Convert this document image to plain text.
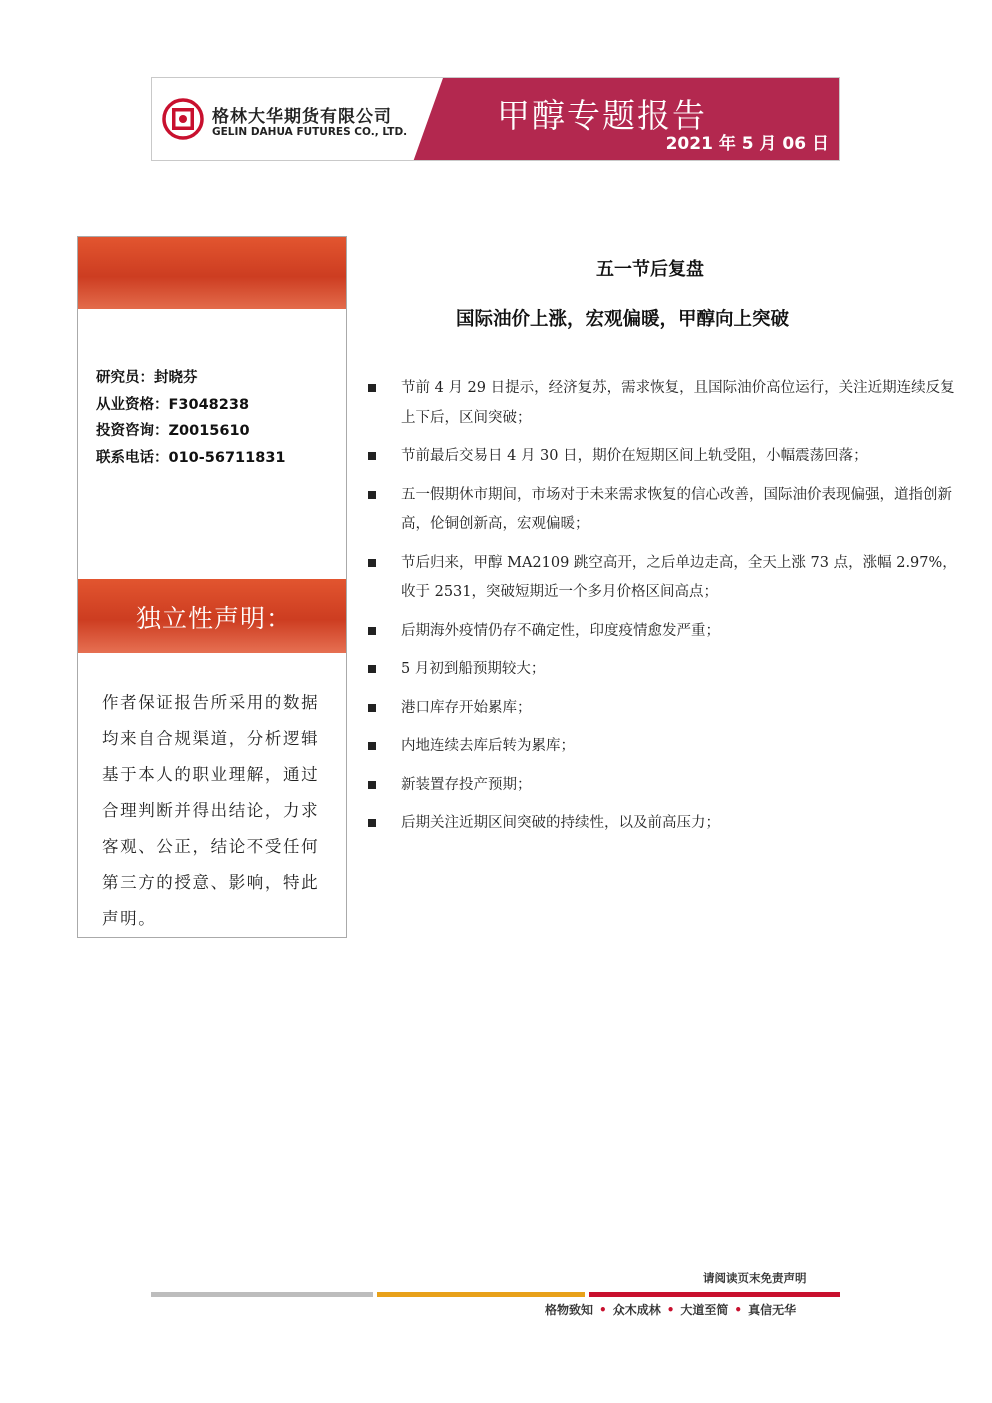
格林大华期货有限公司
GELIN DAHUA FUTURES CO., LTD.	甲醇专题报告
2021 年 5 月 06 日
研究员：封晓芬
从业资格：F3048238
投资咨询：Z0015610
联系电话：010-56711831
独立性声明：
作者保证报告所采用的数据均来自合规渠道，分析逻辑基于本人的职业理解，通过合理判断并得出结论，力求客观、公正，结论不受任何第三方的授意、影响，特此声明。
五一节后复盘
国际油价上涨，宏观偏暖，甲醇向上突破
节前 4 月 29 日提示，经济复苏，需求恢复，且国际油价高位运行，关注近期连续反复上下后，区间突破；
节前最后交易日 4 月 30 日，期价在短期区间上轨受阻，小幅震荡回落；
五一假期休市期间，市场对于未来需求恢复的信心改善，国际油价表现偏强，道指创新高，伦铜创新高，宏观偏暖；
节后归来，甲醇 MA2109 跳空高开，之后单边走高，全天上涨 73 点，涨幅 2.97%，收于 2531，突破短期近一个多月价格区间高点；
后期海外疫情仍存不确定性，印度疫情愈发严重；
5 月初到船预期较大；
港口库存开始累库；
内地连续去库后转为累库；
新装置存投产预期；
后期关注近期区间突破的持续性，以及前高压力；
请阅读页末免责声明
格物致知 • 众木成林 • 大道至简 • 真信无华
